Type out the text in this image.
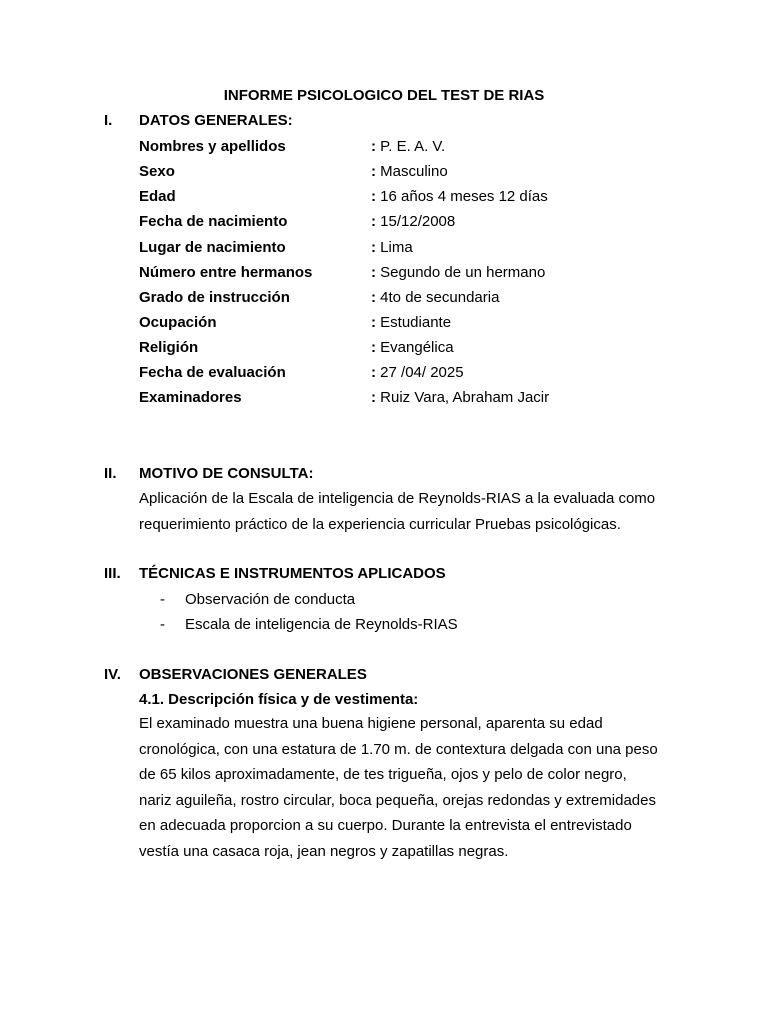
INFORME PSICOLOGICO DEL TEST DE RIAS
I. DATOS GENERALES:
Nombres y apellidos	: P. E. A. V.
Sexo	: Masculino
Edad	: 16 años 4 meses 12 días
Fecha de nacimiento	: 15/12/2008
Lugar de nacimiento	: Lima
Número entre hermanos	: Segundo de un hermano
Grado de instrucción	: 4to de secundaria
Ocupación	: Estudiante
Religión	: Evangélica
Fecha de evaluación	: 27 /04/ 2025
Examinadores	: Ruiz Vara, Abraham Jacir
II. MOTIVO DE CONSULTA:
Aplicación de la Escala de inteligencia de Reynolds-RIAS a la evaluada como
requerimiento práctico de la experiencia curricular Pruebas psicológicas.
III. TÉCNICAS E INSTRUMENTOS APLICADOS
- Observación de conducta
- Escala de inteligencia de Reynolds-RIAS
IV. OBSERVACIONES GENERALES
4.1. Descripción física y de vestimenta:
El examinado muestra una buena higiene personal, aparenta su edad
cronológica, con una estatura de 1.70 m. de contextura delgada con una peso
de 65 kilos aproximadamente, de tes trigueña, ojos y pelo de color negro,
nariz aguileña, rostro circular, boca pequeña, orejas redondas y extremidades
en adecuada proporcion a su cuerpo. Durante la entrevista el entrevistado
vestía una casaca roja, jean negros y zapatillas negras.
